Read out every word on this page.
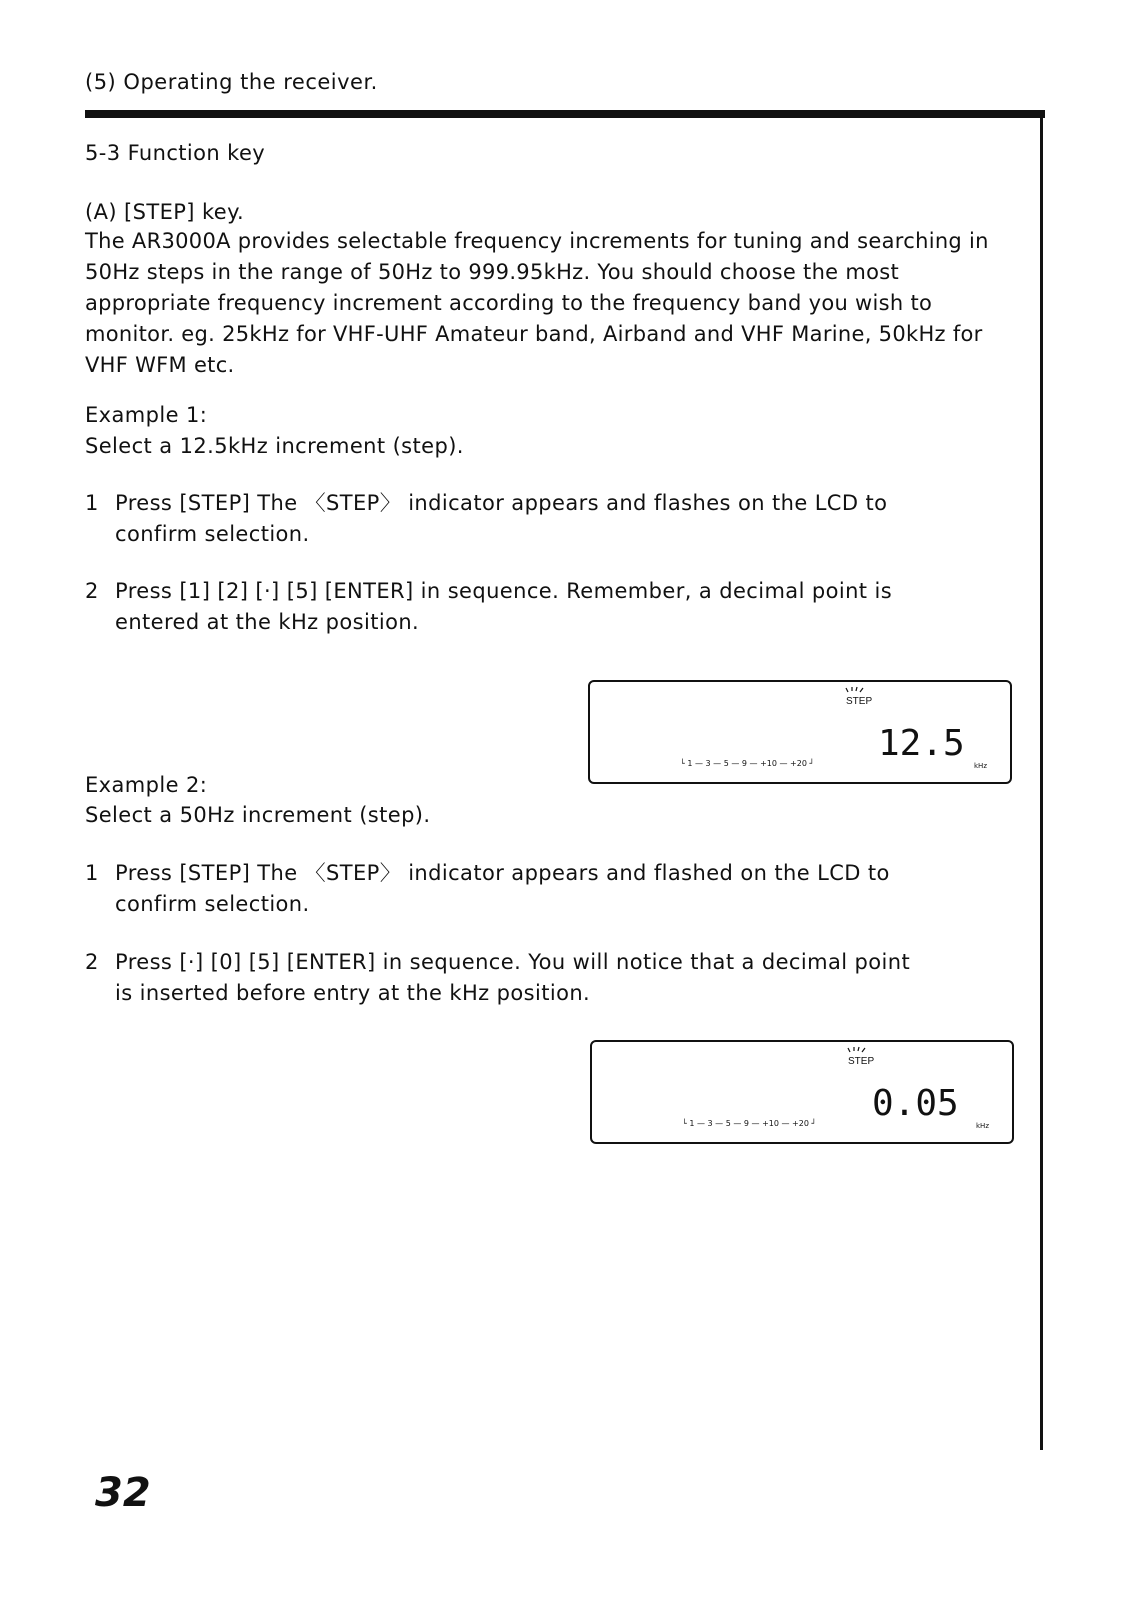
(5) Operating the receiver.
5-3 Function key
(A) [STEP] key.
The AR3000A provides selectable frequency increments for tuning and searching in 50Hz steps in the range of 50Hz to 999.95kHz. You should choose the most appropriate frequency increment according to the frequency band you wish to monitor. eg. 25kHz for VHF-UHF Amateur band, Airband and VHF Marine, 50kHz for VHF WFM etc.
Example 1:
Select a 12.5kHz increment (step).
1 Press [STEP] The 〈STEP〉 indicator appears and flashes on the LCD to confirm selection.
2 Press [1] [2] [·] [5] [ENTER] in sequence. Remember, a decimal point is entered at the kHz position.
STEP
└ 1 — 3 — 5 — 9 — +10 — +20 ┘ 12.5
kHz
Example 2:
Select a 50Hz increment (step).
1 Press [STEP] The 〈STEP〉 indicator appears and flashed on the LCD to confirm selection.
2 Press [·] [0] [5] [ENTER] in sequence. You will notice that a decimal point is inserted before entry at the kHz position.
STEP
└ 1 — 3 — 5 — 9 — +10 — +20 ┘ 0.05
kHz
32
